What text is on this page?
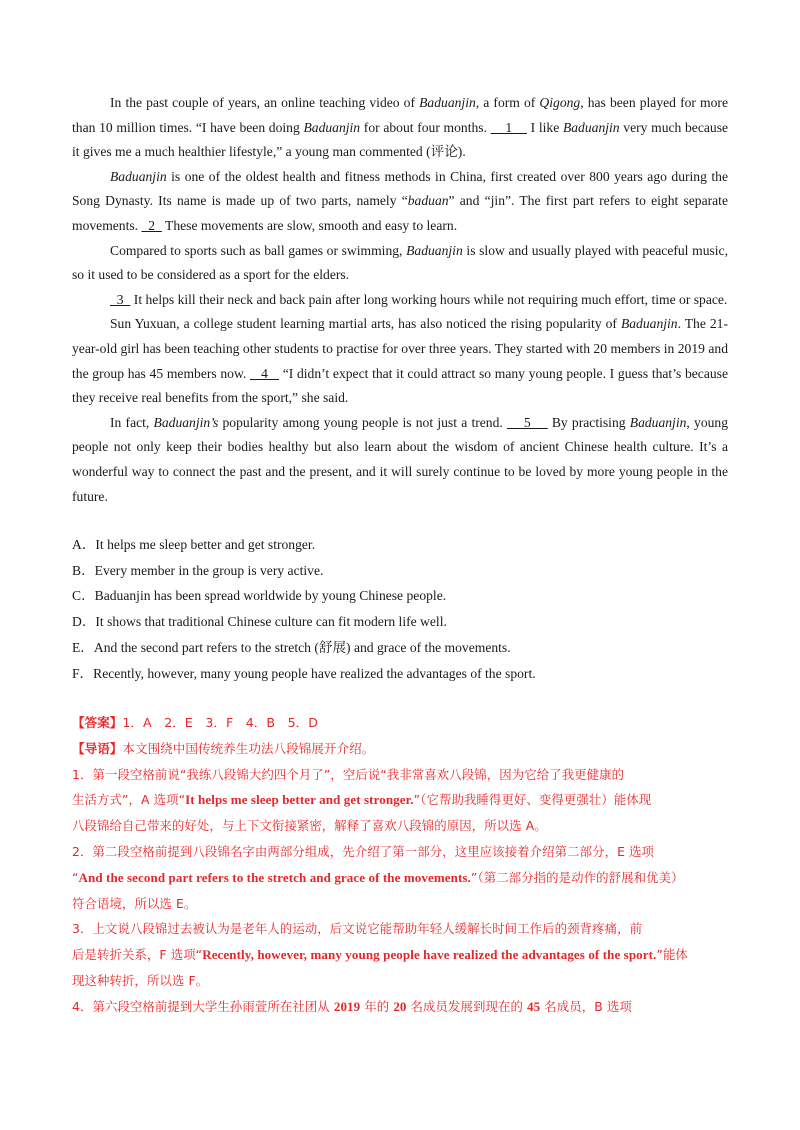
In the past couple of years, an online teaching video of Baduanjin, a form of Qigong, has been played for more than 10 million times. “I have been doing Baduanjin for about four months.     1     I like Baduanjin very much because it gives me a much healthier lifestyle,” a young man commented (评论).

Baduanjin is one of the oldest health and fitness methods in China, first created over 800 years ago during the Song Dynasty. Its name is made up of two parts, namely “baduan” and “jin”. The first part refers to eight separate movements.   2   These movements are slow, smooth and easy to learn.

Compared to sports such as ball games or swimming, Baduanjin is slow and usually played with peaceful music, so it used to be considered as a sport for the elders.

3   It helps kill their neck and back pain after long working hours while not requiring much effort, time or space.

Sun Yuxuan, a college student learning martial arts, has also noticed the rising popularity of Baduanjin. The 21-year-old girl has been teaching other students to practise for over three years. They started with 20 members in 2019 and the group has 45 members now.    4    “I didn’t expect that it could attract so many young people. I guess that’s because they receive real benefits from the sport,” she said.

In fact, Baduanjin’s popularity among young people is not just a trend.     5     By practising Baduanjin, young people not only keep their bodies healthy but also learn about the wisdom of ancient Chinese health culture. It’s a wonderful way to connect the past and the present, and it will surely continue to be loved by more young people in the future.

A．It helps me sleep better and get stronger.

B．Every member in the group is very active.

C．Baduanjin has been spread worldwide by young Chinese people.

D．It shows that traditional Chinese culture can fit modern life well.

E．And the second part refers to the stretch (舒展) and grace of the movements.

F．Recently, however, many young people have realized the advantages of the sport.

【答案】1．A　2．E　3．F　4．B　5．D

【导语】本文围绕中国传统养生功法八段锦展开介绍。

1．第一段空格前说“我练八段锦大约四个月了”，空后说“我非常喜欢八段锦，因为它给了我更健康的

生活方式”，A 选项“It helps me sleep better and get stronger.”（它帮助我睡得更好、变得更强壮）能体现

八段锦给自己带来的好处，与上下文衔接紧密，解释了喜欢八段锦的原因，所以选 A。

2．第二段空格前提到八段锦名字由两部分组成，先介绍了第一部分，这里应该接着介绍第二部分，E 选项

“And the second part refers to the stretch and grace of the movements.”（第二部分指的是动作的舒展和优美）

符合语境，所以选 E。

3．上文说八段锦过去被认为是老年人的运动，后文说它能帮助年轻人缓解长时间工作后的颈背疼痛，前

后是转折关系，F 选项“Recently, however, many young people have realized the advantages of the sport.”能体

现这种转折，所以选 F。

4．第六段空格前提到大学生孙雨萱所在社团从 2019 年的 20 名成员发展到现在的 45 名成员，B 选项
